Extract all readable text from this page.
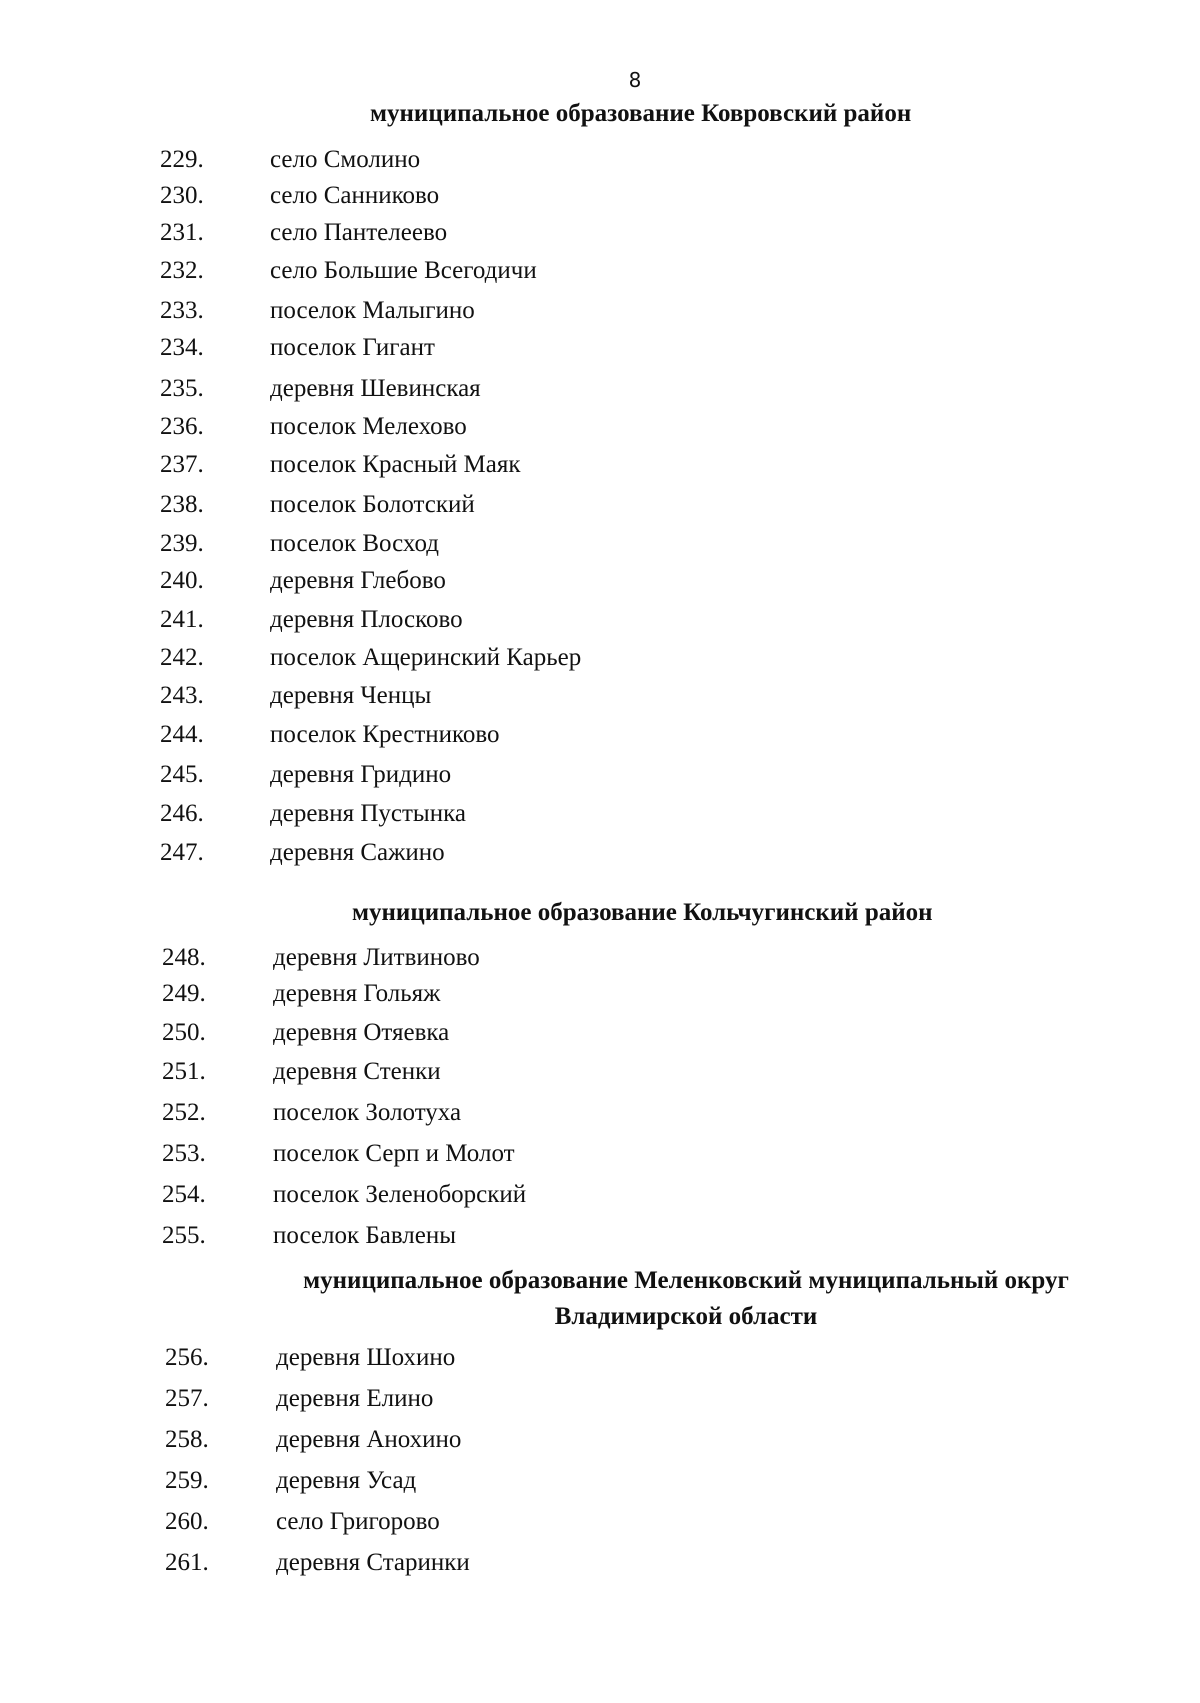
8
муниципальное образование Ковровский район
229.	село Смолино
230.	село Санниково
231.	село Пантелеево
232.	село Большие Всегодичи
233.	поселок Малыгино
234.	поселок Гигант
235.	деревня Шевинская
236.	поселок Мелехово
237.	поселок Красный Маяк
238.	поселок Болотский
239.	поселок Восход
240.	деревня Глебово
241.	деревня Плосково
242.	поселок Ащеринский Карьер
243.	деревня Ченцы
244.	поселок Крестниково
245.	деревня Гридино
246.	деревня Пустынка
247.	деревня Сажино
муниципальное образование Кольчугинский район
248.	деревня Литвиново
249.	деревня Гольяж
250.	деревня Отяевка
251.	деревня Стенки
252.	поселок Золотуха
253.	поселок Серп и Молот
254.	поселок Зеленоборский
255.	поселок Бавлены
муниципальное образование Меленковский муниципальный округ
Владимирской области
256.	деревня Шохино
257.	деревня Елино
258.	деревня Анохино
259.	деревня Усад
260.	село Григорово
261.	деревня Старинки
